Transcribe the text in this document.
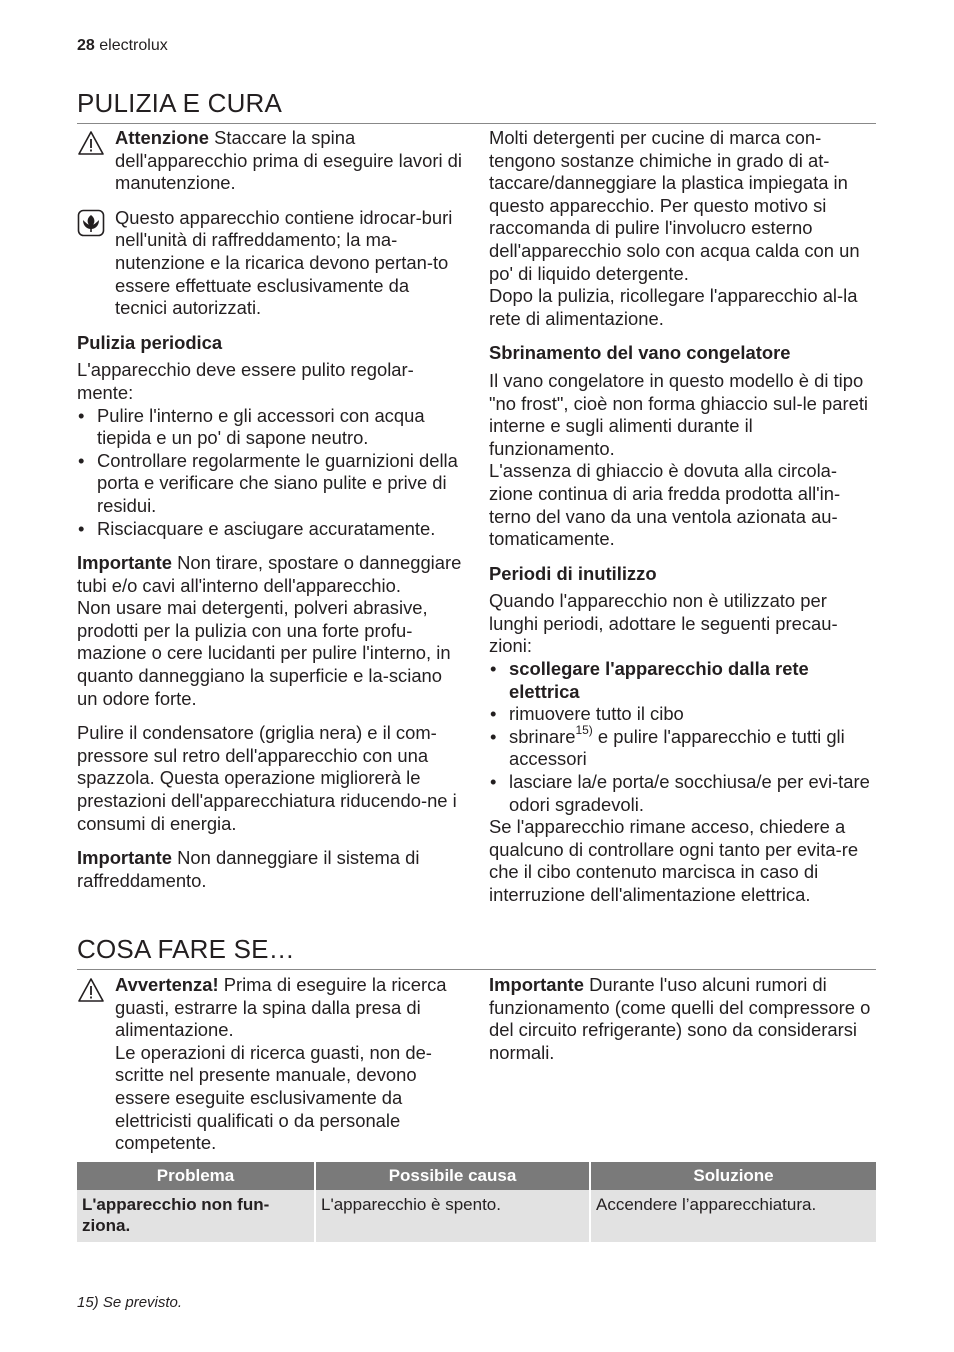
28 electrolux
PULIZIA E CURA

Attenzione Staccare la spina dell'apparecchio prima di eseguire lavori di manutenzione.

Questo apparecchio contiene idrocar-buri nell'unità di raffreddamento; la ma-nutenzione e la ricarica devono pertan-to essere effettuate esclusivamente da tecnici autorizzati.

Pulizia periodica

L'apparecchio deve essere pulito regolar-mente:

• Pulire l'interno e gli accessori con acqua tiepida e un po' di sapone neutro.
• Controllare regolarmente le guarnizioni della porta e verificare che siano pulite e prive di residui.
• Risciacquare e asciugare accuratamente.

Importante Non tirare, spostare o danneggiare tubi e/o cavi all'interno dell'apparecchio.

Non usare mai detergenti, polveri abrasive, prodotti per la pulizia con una forte profu-mazione o cere lucidanti per pulire l'interno, in quanto danneggiano la superficie e la-sciano un odore forte.

Pulire il condensatore (griglia nera) e il com-pressore sul retro dell'apparecchio con una spazzola. Questa operazione migliorerà le prestazioni dell'apparecchiatura riducendo-ne i consumi di energia.

Importante Non danneggiare il sistema di raffreddamento.

Molti detergenti per cucine di marca con-tengono sostanze chimiche in grado di at-taccare/danneggiare la plastica impiegata in questo apparecchio. Per questo motivo si raccomanda di pulire l'involucro esterno dell'apparecchio solo con acqua calda con un po' di liquido detergente.

Dopo la pulizia, ricollegare l'apparecchio al-la rete di alimentazione.

Sbrinamento del vano congelatore

Il vano congelatore in questo modello è di tipo "no frost", cioè non forma ghiaccio sul-le pareti interne e sugli alimenti durante il funzionamento.

L'assenza di ghiaccio è dovuta alla circola-zione continua di aria fredda prodotta all'in-terno del vano da una ventola azionata au-tomaticamente.

Periodi di inutilizzo

Quando l'apparecchio non è utilizzato per lunghi periodi, adottare le seguenti precau-zioni:

• scollegare l'apparecchio dalla rete elettrica
• rimuovere tutto il cibo
• sbrinare$^{15)}$ e pulire l'apparecchio e tutti gli accessori
• lasciare la/e porta/e socchiusa/e per evi-tare odori sgradevoli.

Se l'apparecchio rimane acceso, chiedere a qualcuno di controllare ogni tanto per evita-re che il cibo contenuto marcisca in caso di interruzione dell'alimentazione elettrica.

COSA FARE SE…

Avvertenza! Prima di eseguire la ricerca guasti, estrarre la spina dalla presa di alimentazione.

Le operazioni di ricerca guasti, non de-scritte nel presente manuale, devono essere eseguite esclusivamente da elettricisti qualificati o da personale competente.

Importante Durante l'uso alcuni rumori di funzionamento (come quelli del compressore o del circuito refrigerante) sono da considerarsi normali.

Problema	Possibile causa	Soluzione
L'apparecchio non fun-ziona.	L'apparecchio è spento.	Accendere l’apparecchiatura.
15) Se previsto.
